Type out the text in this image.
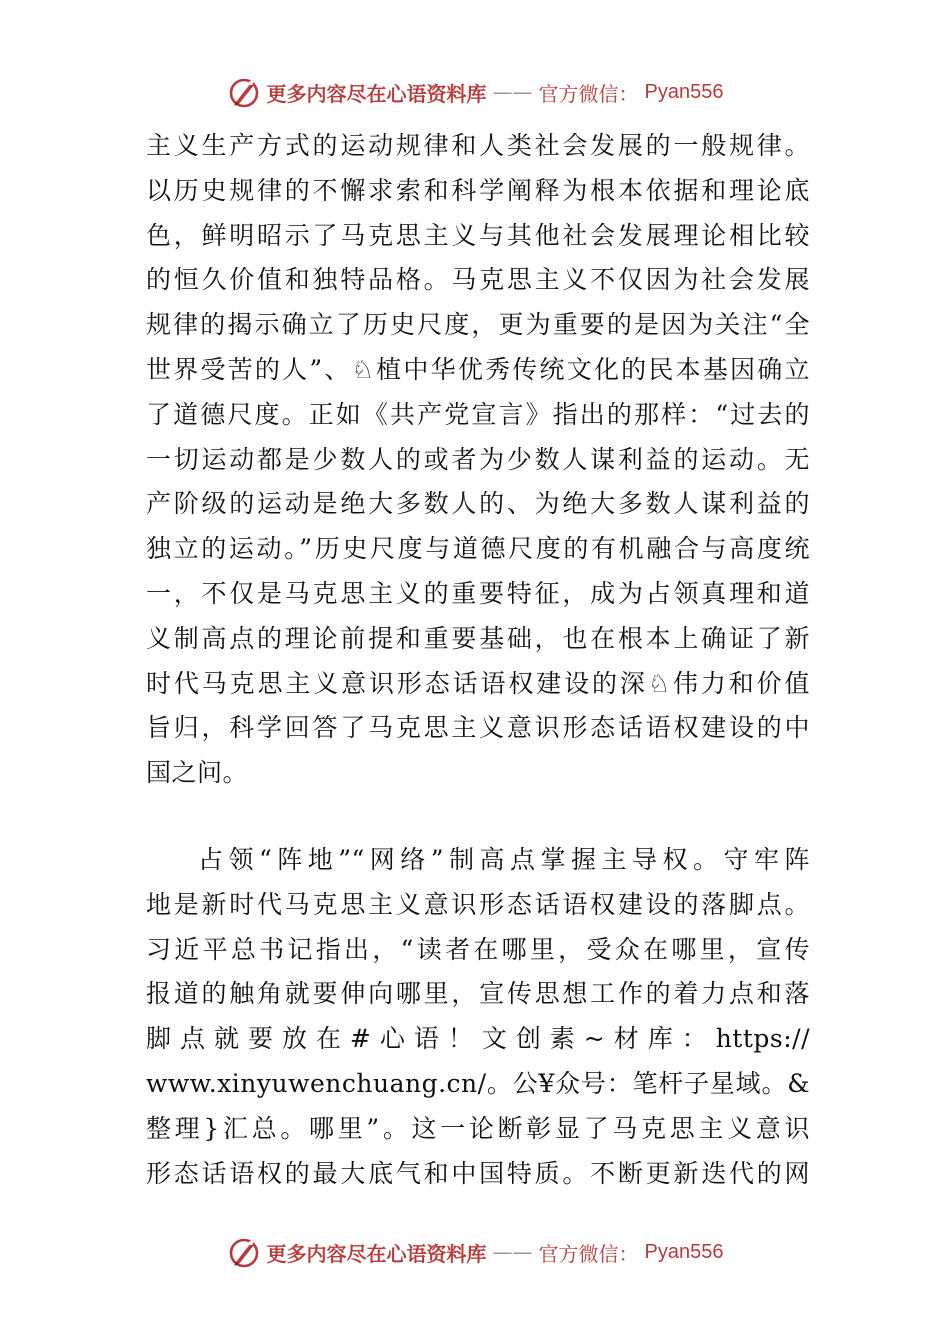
更多内容尽在心语资料库 —— 官方微信： Pyan556
主义生产方式的运动规律和人类社会发展的一般规律。
以历史规律的不懈求索和科学阐释为根本依据和理论底
色，鲜明昭示了马克思主义与其他社会发展理论相比较
的恒久价值和独特品格。马克思主义不仅因为社会发展
规律的揭示确立了历史尺度，更为重要的是因为关注“全
世界受苦的人”、♘植中华优秀传统文化的民本基因确立
了道德尺度。正如《共产党宣言》指出的那样：“过去的
一切运动都是少数人的或者为少数人谋利益的运动。无
产阶级的运动是绝大多数人的、为绝大多数人谋利益的
独立的运动。”历史尺度与道德尺度的有机融合与高度统
一，不仅是马克思主义的重要特征，成为占领真理和道
义制高点的理论前提和重要基础，也在根本上确证了新
时代马克思主义意识形态话语权建设的深♘伟力和价值
旨归，科学回答了马克思主义意识形态话语权建设的中
国之问。
占领“阵地”“网络”制高点掌握主导权。守牢阵
地是新时代马克思主义意识形态话语权建设的落脚点。
习近平总书记指出，“读者在哪里，受众在哪里，宣传
报道的触角就要伸向哪里，宣传思想工作的着力点和落
脚点就要放在#心语！文创素~材库：https://
www.xinyuwenchuang.cn/。公¥众号：笔杆子星域。&
整理}汇总。哪里”。这一论断彰显了马克思主义意识
形态话语权的最大底气和中国特质。不断更新迭代的网
更多内容尽在心语资料库 —— 官方微信： Pyan556
